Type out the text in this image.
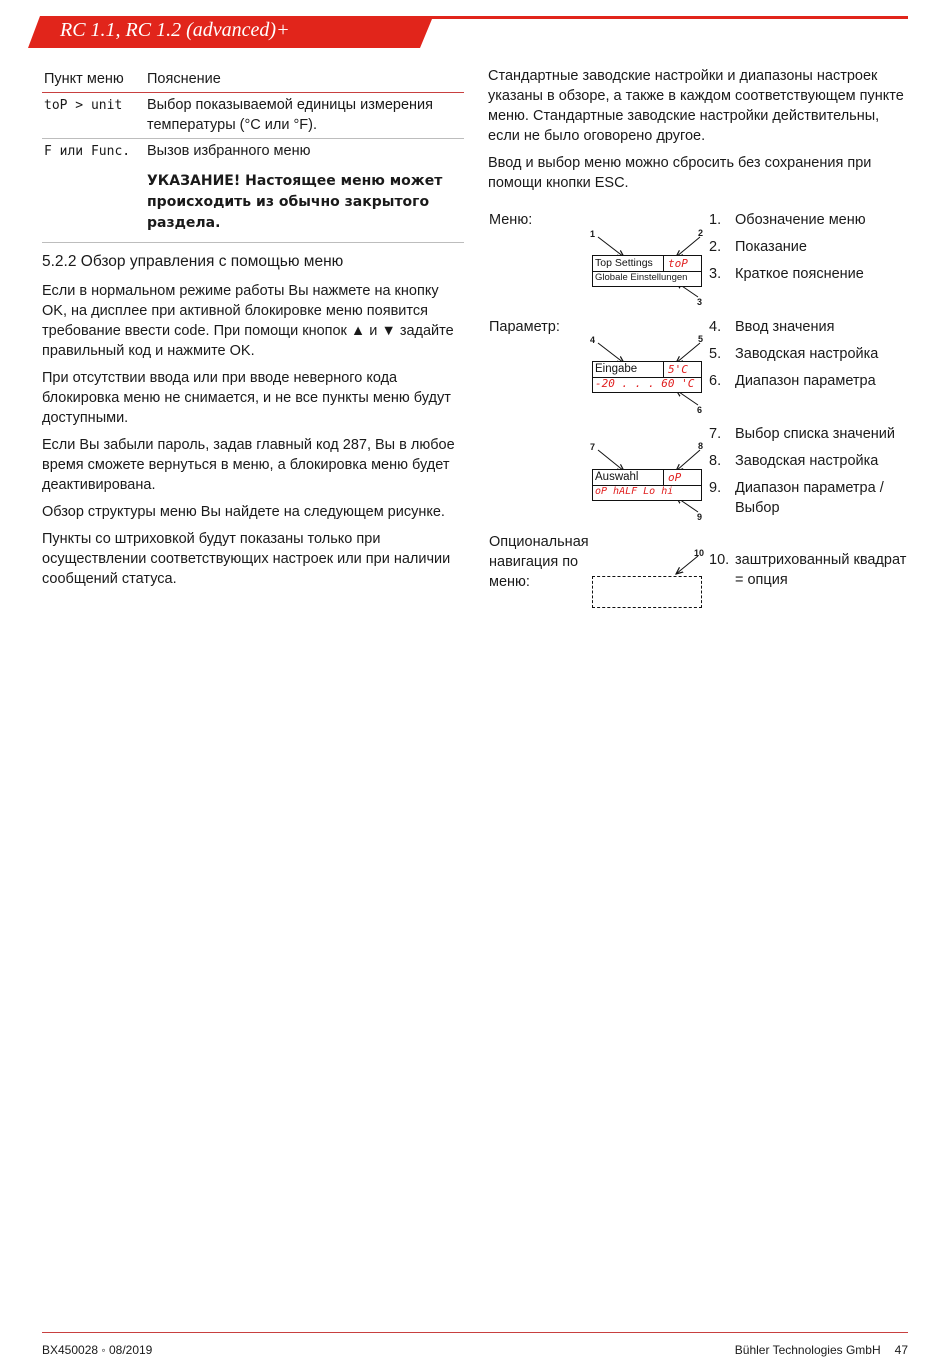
RC 1.1, RC 1.2 (advanced)+
Пункт меню	Пояснение
toP > unit	Выбор показываемой единицы измерения температуры (°C или °F).
F или Func.	Вызов избранного меню
	УКАЗАНИЕ! Настоящее меню может происходить из обычно закрытого раздела.
5.2.2 Обзор управления с помощью меню

Если в нормальном режиме работы Вы нажмете на кнопку OK, на дисплее при активной блокировке меню появится требование ввести code. При помощи кнопок ▲ и ▼ задайте правильный код и нажмите OK.

При отсутствии ввода или при вводе неверного кода блокировка меню не снимается, и не все пункты меню будут доступными.

Если Вы забыли пароль, задав главный код 287, Вы в любое время сможете вернуться в меню, а блокировка меню будет деактивирована.

Обзор структуры меню Вы найдете на следующем рисунке.

Пункты со штриховкой будут показаны только при осуществлении соответствующих настроек или при наличии сообщений статуса.

Стандартные заводские настройки и диапазоны настроек указаны в обзоре, а также в каждом соответствующем пункте меню. Стандартные заводские настройки действительны, если не было оговорено другое.

Ввод и выбор меню можно сбросить без сохранения при помощи кнопки ESC.

Меню:
Параметр:
Опциональная навигация по меню:
1	2
3
4	5
6
7	8
9
10
Top Settings toP
Globale Einstellungen
Eingabe	5'C
-20 . . . 60 'C
Auswahl	oP
oP hALF Lo hi
1. Обозначение меню
2. Показание
3. Краткое пояснение
4. Ввод значения
5. Заводская настройка
6. Диапазон параметра
7. Выбор списка значений
8. Заводская настройка
9. Диапазон параметра / Выбор
10. заштрихованный квадрат = опция
BX450028 ◦ 08/2019	Bühler Technologies GmbH 47
